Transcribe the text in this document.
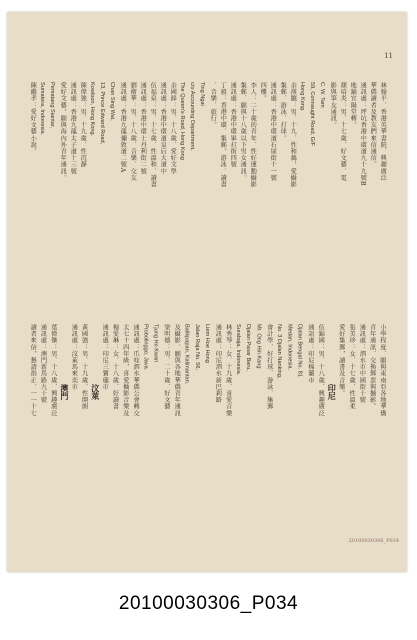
11
林翰平．香港英華書院．興趣廣泛
華僑讀者及教友們來信通信。
通訊處：坪坑香港中環道九十九號B
地舖宜陽堂轉。
顏培炎：男．十七歲．好文藝．電
影與筆友通訊。
C. W. Tam
59, Connaught Road, G/F
Hong Kong.
余漢鑣：男．十九．性和藹，愛攝影
集郵．游泳．打球。
通訊處：香港中環道石屎街十一號
四樓。
李人：二十歲的青年．性好運動攝影
集郵．願與十八歲以下男女通訊。
通訊處：香港中環畢打街四號
丁毅：香港中環．集郵，游泳．讀書
．音樂．旅行。
Ting Ngai
c/o Accounting Department,
The Queen's Road, Hong Kong
余國鋒：男．十八歲．愛好文學
通訊處：香港中環道皇后大道中
伍福泉：男．十七歲．性溫和．讀書
通訊處：香港中環士丹利街二號
劉衛華：男．十八歲．音樂．交友
通訊處：香港九龍彌敦道二號A
Chan Sing Wai,
13, Prince Edward Road,
Kowloon, Hong Kong.
陳偉強：男．十九歲．性沉靜
通訊處：香港九龍太子道十三號
愛好文藝，願與海內外青年通訊。
Pematang Siantar,
Sumatera, Indonesia.
陳繼孝：愛好文藝小說。
小學程度．願與東南亞各地華僑
青年通訊．交換郵票與攝影。
通訊處：泗水市中國街十號
張美珍：女．十七歲．性溫柔
愛好集郵，讀書及音樂。
印尼
伍錦國：男．十八歲．興趣廣泛
通訊處：印尼棉蘭市
Djalan Bengal No. 81
Medan, Indonesia.
No. 3 Djalan Nanking,
會計學．好打球．游泳．集郵
Mr. Ong Hin Kang
Djalan Pasar Baru,
Surabaja, Indonesia.
林秀琴：女．十九歲．喜愛音樂
通訊處：印尼泗水新巴剎路
Liem Hoe Hong
Jalan Raja No. 56,
Balikpapan, Kalimantan.
及攝影．願與各地華僑青年通訊
梁明德：男．二十歲．好文藝
Tjung Ho Kwan
Probolinggo, Java.
通訊處：爪哇泗水華僑公會轉交
太七十四年級，喜愛攝影音樂及
楊愛琳：女．十八歲．好讀書
通訊處：印尼三寶瓏市
汶萊
黃國強：男．十九歲．性開朗
通訊處：汶萊馬來奕市
澳門
葉偉傑：男．十八歲．興趣廣泛
通訊處：澳門新馬路九十號
讀者來信，懇請指正．一一十七
20100030306_P034
20100030306_P034
